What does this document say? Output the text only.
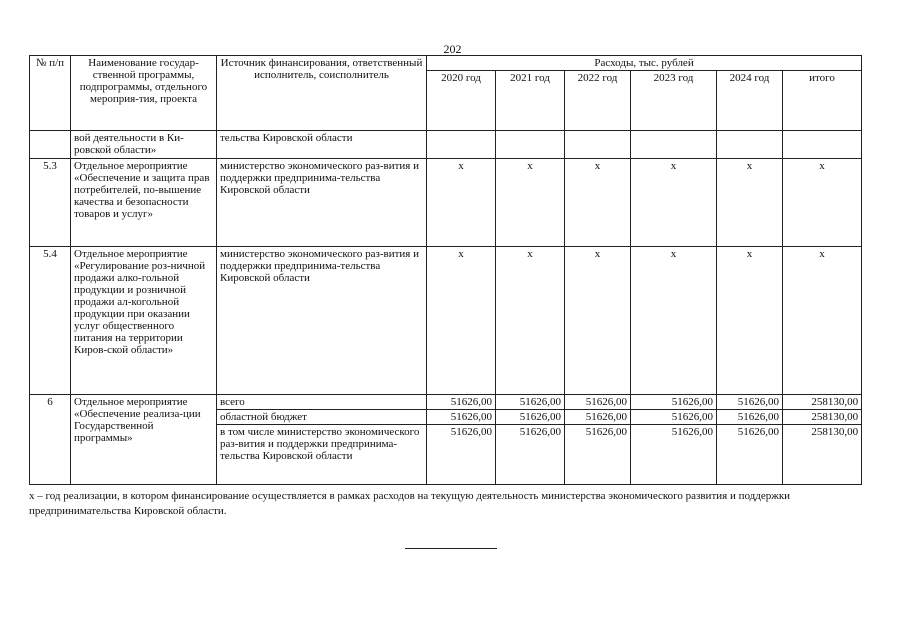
202
№ п/п	Наименование государ-ственной программы, подпрограммы, отдельного мероприя-тия, проекта	Источник финансирования, ответственный исполнитель, соисполнитель	Расходы, тыс. рублей					
			2020 год	2021 год	2022 год	2023 год	2024 год	итого
	вой деятельности в Ки-ровской области»	тельства Кировской области						
5.3	Отдельное мероприятие «Обеспечение и защита прав потребителей, по-вышение качества и безопасности товаров и услуг»	министерство экономического раз-вития и поддержки предпринима-тельства Кировской области	х	х	х	х	х	х
5.4	Отдельное мероприятие «Регулирование роз-ничной продажи алко-гольной продукции и розничной продажи ал-когольной продукции при оказании услуг общественного питания на территории Киров-ской области»	министерство экономического раз-вития и поддержки предпринима-тельства Кировской области	х	х	х	х	х	х
6	Отдельное мероприятие «Обеспечение реализа-ции Государственной программы»	всего	51626,00	51626,00	51626,00	51626,00	51626,00	258130,00
		областной бюджет	51626,00	51626,00	51626,00	51626,00	51626,00	258130,00
		в том числе министерство экономического раз-вития и поддержки предпринима-тельства Кировской области	51626,00	51626,00	51626,00	51626,00	51626,00	258130,00
х – год реализации, в котором финансирование осуществляется в рамках расходов на текущую деятельность министерства экономического развития и поддержки предпринимательства Кировской области.
